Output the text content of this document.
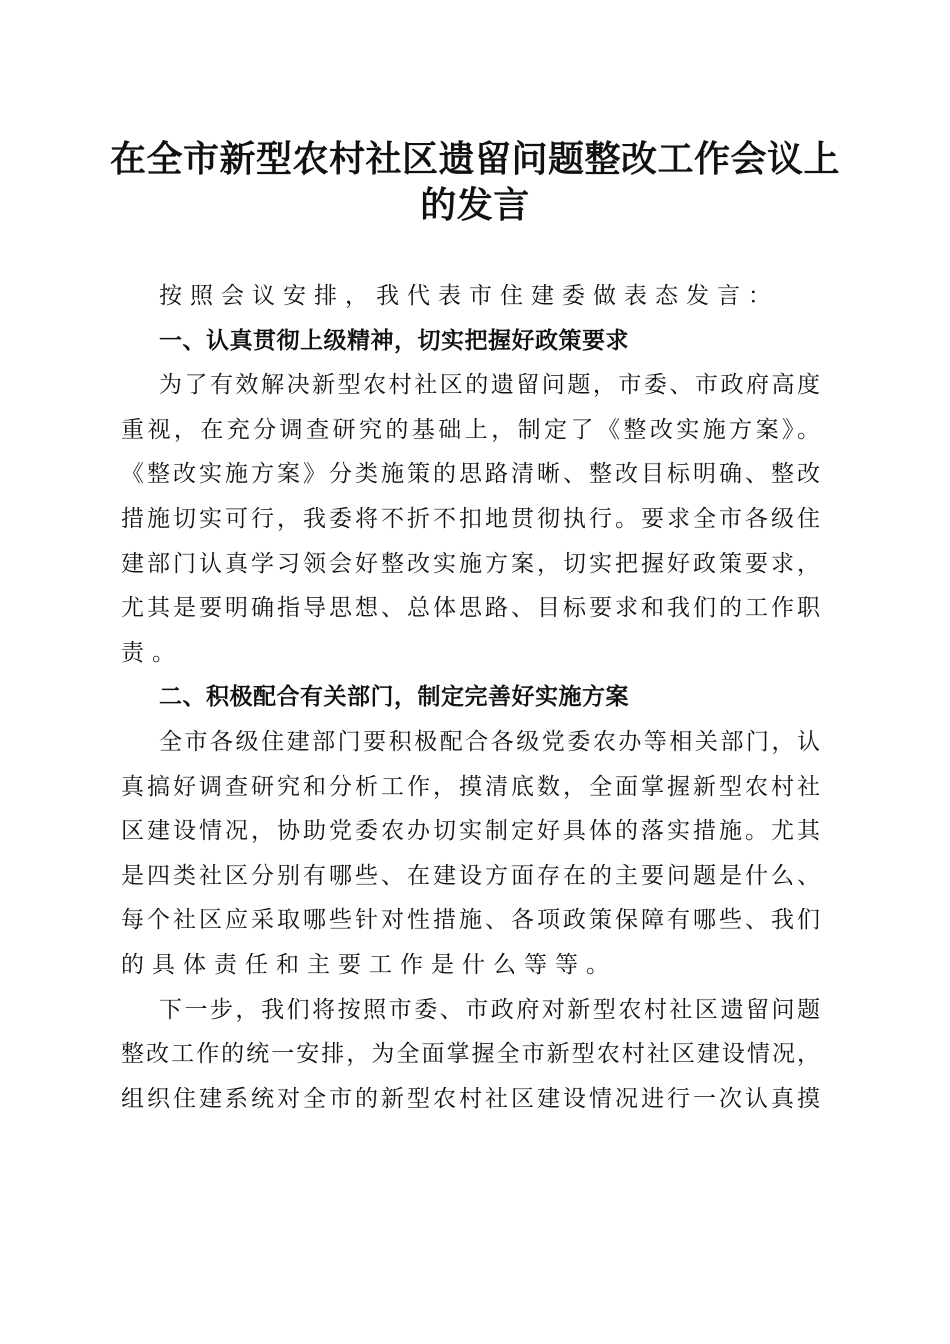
在全市新型农村社区遗留问题整改工作会议上
的发言
按照会议安排，我代表市住建委做表态发言：
一、认真贯彻上级精神，切实把握好政策要求
为了有效解决新型农村社区的遗留问题，市委、市政府高度
重视，在充分调查研究的基础上，制定了《整改实施方案》。
《整改实施方案》分类施策的思路清晰、整改目标明确、整改
措施切实可行，我委将不折不扣地贯彻执行。要求全市各级住
建部门认真学习领会好整改实施方案，切实把握好政策要求，
尤其是要明确指导思想、总体思路、目标要求和我们的工作职
责。
二、积极配合有关部门，制定完善好实施方案
全市各级住建部门要积极配合各级党委农办等相关部门，认
真搞好调查研究和分析工作，摸清底数，全面掌握新型农村社
区建设情况，协助党委农办切实制定好具体的落实措施。尤其
是四类社区分别有哪些、在建设方面存在的主要问题是什么、
每个社区应采取哪些针对性措施、各项政策保障有哪些、我们
的具体责任和主要工作是什么等等。
下一步，我们将按照市委、市政府对新型农村社区遗留问题
整改工作的统一安排，为全面掌握全市新型农村社区建设情况，
组织住建系统对全市的新型农村社区建设情况进行一次认真摸
